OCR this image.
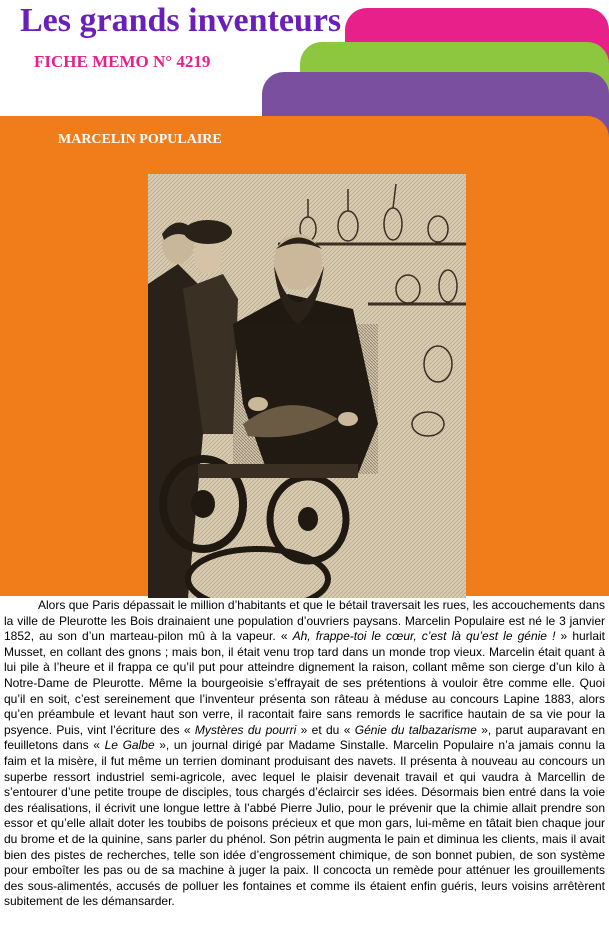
Les grands inventeurs

FICHE MEMO N° 4219

MARCELIN POPULAIRE

Alors que Paris dépassait le million d’habitants et que le bétail traversait les rues, les accouchements dans la ville de Pleurotte les Bois drainaient une population d’ouvriers paysans. Marcelin Populaire est né le 3 janvier 1852, au son d’un marteau-pilon mû à la vapeur. « Ah, frappe-toi le cœur, c’est là qu’est le génie ! » hurlait Musset, en collant des gnons ; mais bon, il était venu trop tard dans un monde trop vieux. Marcelin était quant à lui pile à l’heure et il frappa ce qu’il put pour atteindre dignement la raison, collant même son cierge d’un kilo à Notre-Dame de Pleurotte. Même la bourgeoisie s’effrayait de ses prétentions à vouloir être comme elle. Quoi qu’il en soit, c’est sereinement que l’inventeur présenta son râteau à méduse au concours Lapine 1883, alors qu’en préambule et levant haut son verre, il racontait faire sans remords le sacrifice hautain de sa vie pour la psyence. Puis, vint l’écriture des « Mystères du pourri » et du « Génie du talbazarisme », parut auparavant en feuilletons dans « Le Galbe », un journal dirigé par Madame Sinstalle. Marcelin Populaire n’a jamais connu la faim et la misère, il fut même un terrien dominant produisant des navets. Il présenta à nouveau au concours un superbe ressort industriel semi-agricole, avec lequel le plaisir devenait travail et qui vaudra à Marcellin de s’entourer d’une petite troupe de disciples, tous chargés d’éclaircir ses idées. Désormais bien entré dans la voie des réalisations, il écrivit une longue lettre à l’abbé Pierre Julio, pour le prévenir que la chimie allait prendre son essor et qu’elle allait doter les toubibs de poisons précieux et que mon gars, lui-même en tâtait bien chaque jour du brome et de la quinine, sans parler du phénol. Son pétrin augmenta le pain et diminua les clients, mais il avait bien des pistes de recherches, telle son idée d’engrossement chimique, de son bonnet pubien, de son système pour emboîter les pas ou de sa machine à juger la paix. Il concocta un remède pour atténuer les grouillements des sous-alimentés, accusés de polluer les fontaines et comme ils étaient enfin guéris, leurs voisins arrêtèrent subitement de les démansarder.
